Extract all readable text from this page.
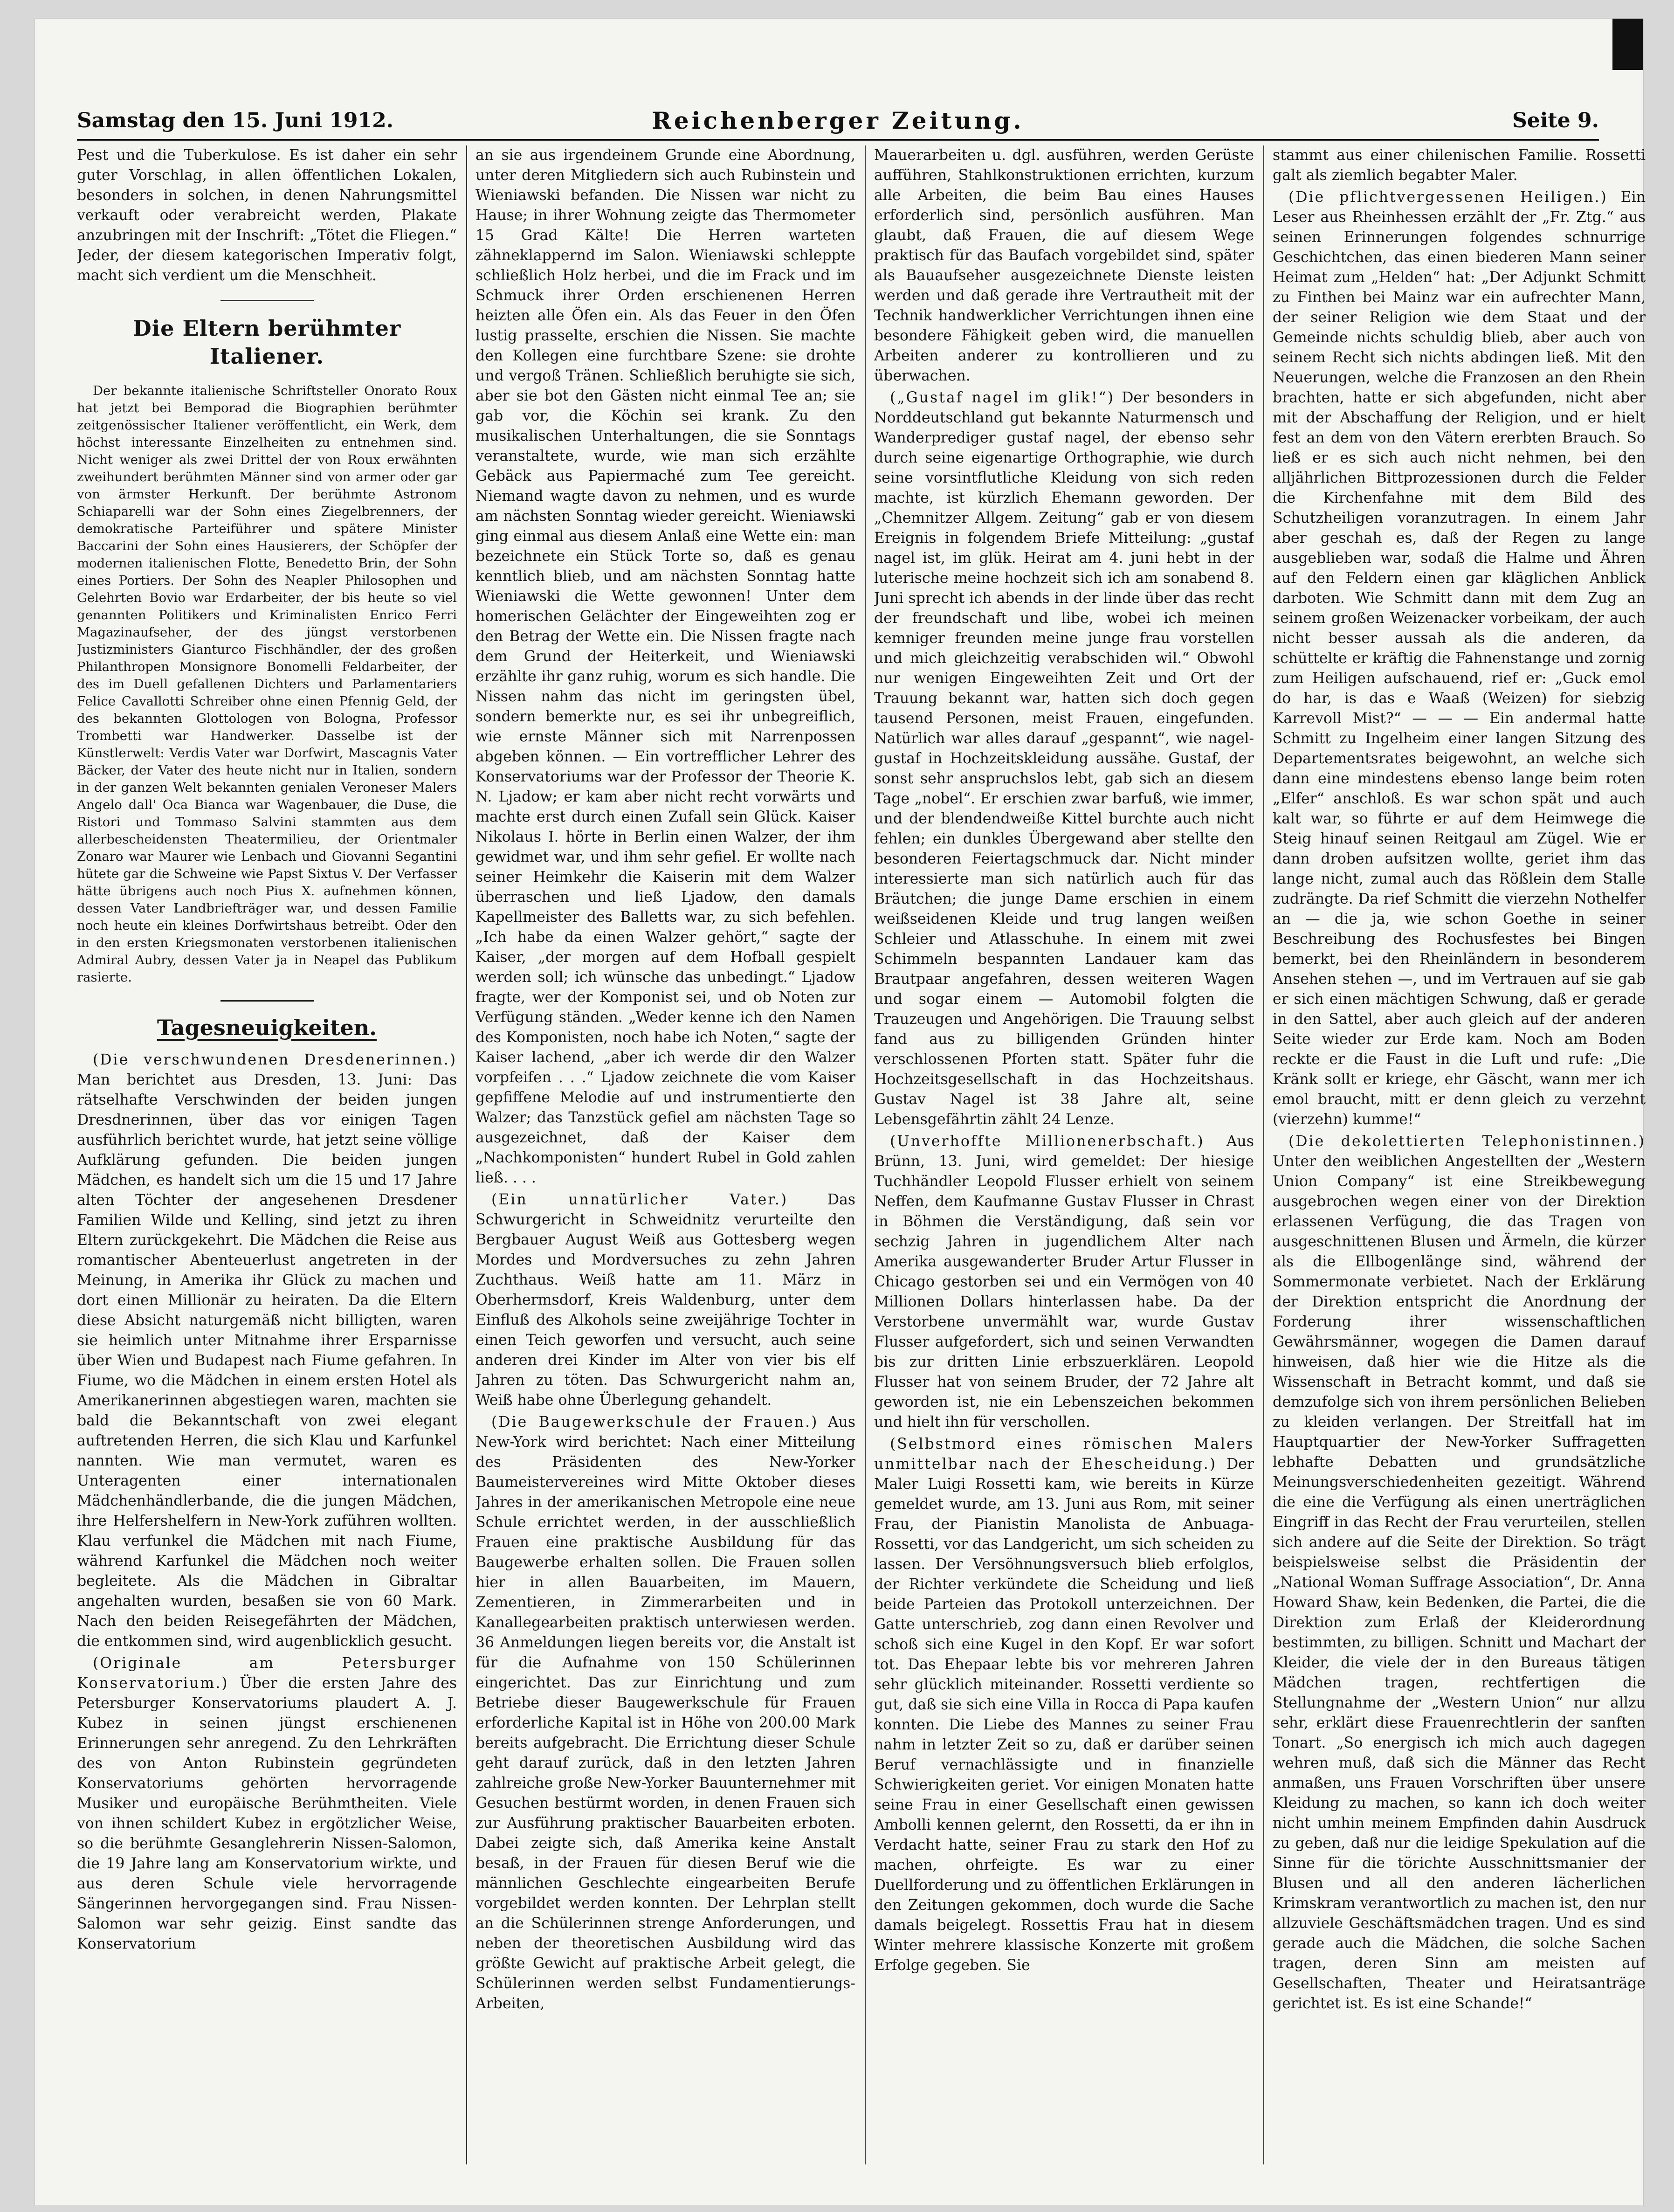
Samstag den 15. Juni 1912.	Reichenberger Zeitung.	Seite 9.

Pest und die Tuberkulose. Es ist daher ein sehr guter Vorschlag, in allen öffentlichen Lokalen, besonders in solchen, in denen Nahrungsmittel verkauft oder verabreicht werden, Plakate anzubringen mit der Inschrift: „Tötet die Fliegen.“ Jeder, der diesem kategorischen Imperativ folgt, macht sich verdient um die Menschheit.

Die Eltern berühmter Italiener.

Der bekannte italienische Schriftsteller Onorato Roux hat jetzt bei Bemporad die Biographien berühmter zeitgenössischer Italiener veröffentlicht, ein Werk, dem höchst interessante Einzelheiten zu entnehmen sind. Nicht weniger als zwei Drittel der von Roux erwähnten zweihundert berühmten Männer sind von armer oder gar von ärmster Herkunft. Der berühmte Astronom Schiaparelli war der Sohn eines Ziegelbrenners, der demokratische Parteiführer und spätere Minister Baccarini der Sohn eines Hausierers, der Schöpfer der modernen italienischen Flotte, Benedetto Brin, der Sohn eines Portiers. Der Sohn des Neapler Philosophen und Gelehrten Bovio war Erdarbeiter, der bis heute so viel genannten Politikers und Kriminalisten Enrico Ferri Magazinaufseher, der des jüngst verstorbenen Justizministers Gianturco Fischhändler, der des großen Philanthropen Monsignore Bonomelli Feldarbeiter, der des im Duell gefallenen Dichters und Parlamentariers Felice Cavallotti Schreiber ohne einen Pfennig Geld, der des bekannten Glottologen von Bologna, Professor Trombetti war Handwerker. Dasselbe ist der Künstlerwelt: Verdis Vater war Dorfwirt, Mascagnis Vater Bäcker, der Vater des heute nicht nur in Italien, sondern in der ganzen Welt bekannten genialen Veroneser Malers Angelo dall' Oca Bianca war Wagenbauer, die Duse, die Ristori und Tommaso Salvini stammten aus dem allerbescheidensten Theatermilieu, der Orientmaler Zonaro war Maurer wie Lenbach und Giovanni Segantini hütete gar die Schweine wie Papst Sixtus V. Der Verfasser hätte übrigens auch noch Pius X. aufnehmen können, dessen Vater Landbriefträger war, und dessen Familie noch heute ein kleines Dorfwirtshaus betreibt. Oder den in den ersten Kriegsmonaten verstorbenen italienischen Admiral Aubry, dessen Vater ja in Neapel das Publikum rasierte.

Tagesneuigkeiten.

(Die verschwundenen Dresdenerinnen.) Man berichtet aus Dresden, 13. Juni: Das rätselhafte Verschwinden der beiden jungen Dresdnerinnen, über das vor einigen Tagen ausführlich berichtet wurde, hat jetzt seine völlige Aufklärung gefunden. Die beiden jungen Mädchen, es handelt sich um die 15 und 17 Jahre alten Töchter der angesehenen Dresdener Familien Wilde und Kelling, sind jetzt zu ihren Eltern zurückgekehrt. Die Mädchen die Reise aus romantischer Abenteuerlust angetreten in der Meinung, in Amerika ihr Glück zu machen und dort einen Millionär zu heiraten. Da die Eltern diese Absicht naturgemäß nicht billigten, waren sie heimlich unter Mitnahme ihrer Ersparnisse über Wien und Budapest nach Fiume gefahren. In Fiume, wo die Mädchen in einem ersten Hotel als Amerikanerinnen abgestiegen waren, machten sie bald die Bekanntschaft von zwei elegant auftretenden Herren, die sich Klau und Karfunkel nannten. Wie man vermutet, waren es Unteragenten einer internationalen Mädchenhändlerbande, die die jungen Mädchen, ihre Helfershelfern in New-York zuführen wollten. Klau verfunkel die Mädchen mit nach Fiume, während Karfunkel die Mädchen noch weiter begleitete. Als die Mädchen in Gibraltar angehalten wurden, besaßen sie von 60 Mark. Nach den beiden Reisegefährten der Mädchen, die entkommen sind, wird augenblicklich gesucht.

(Originale am Petersburger Konservatorium.) Über die ersten Jahre des Petersburger Konservatoriums plaudert A. J. Kubez in seinen jüngst erschienenen Erinnerungen sehr anregend. Zu den Lehrkräften des von Anton Rubinstein gegründeten Konservatoriums gehörten hervorragende Musiker und europäische Berühmtheiten. Viele von ihnen schildert Kubez in ergötzlicher Weise, so die berühmte Gesanglehrerin Nissen-Salomon, die 19 Jahre lang am Konservatorium wirkte, und aus deren Schule viele hervorragende Sängerinnen hervorgegangen sind. Frau Nissen-Salomon war sehr geizig. Einst sandte das Konservatorium

an sie aus irgendeinem Grunde eine Abordnung, unter deren Mitgliedern sich auch Rubinstein und Wieniawski befanden. Die Nissen war nicht zu Hause; in ihrer Wohnung zeigte das Thermometer 15 Grad Kälte! Die Herren warteten zähneklappernd im Salon. Wieniawski schleppte schließlich Holz herbei, und die im Frack und im Schmuck ihrer Orden erschienenen Herren heizten alle Öfen ein. Als das Feuer in den Öfen lustig prasselte, erschien die Nissen. Sie machte den Kollegen eine furchtbare Szene: sie drohte und vergoß Tränen. Schließlich beruhigte sie sich, aber sie bot den Gästen nicht einmal Tee an; sie gab vor, die Köchin sei krank. Zu den musikalischen Unterhaltungen, die sie Sonntags veranstaltete, wurde, wie man sich erzählte Gebäck aus Papiermaché zum Tee gereicht. Niemand wagte davon zu nehmen, und es wurde am nächsten Sonntag wieder gereicht. Wieniawski ging einmal aus diesem Anlaß eine Wette ein: man bezeichnete ein Stück Torte so, daß es genau kenntlich blieb, und am nächsten Sonntag hatte Wieniawski die Wette gewonnen! Unter dem homerischen Gelächter der Eingeweihten zog er den Betrag der Wette ein. Die Nissen fragte nach dem Grund der Heiterkeit, und Wieniawski erzählte ihr ganz ruhig, worum es sich handle. Die Nissen nahm das nicht im geringsten übel, sondern bemerkte nur, es sei ihr unbegreiflich, wie ernste Männer sich mit Narrenpossen abgeben können. — Ein vortrefflicher Lehrer des Konservatoriums war der Professor der Theorie K. N. Ljadow; er kam aber nicht recht vorwärts und machte erst durch einen Zufall sein Glück. Kaiser Nikolaus I. hörte in Berlin einen Walzer, der ihm gewidmet war, und ihm sehr gefiel. Er wollte nach seiner Heimkehr die Kaiserin mit dem Walzer überraschen und ließ Ljadow, den damals Kapellmeister des Balletts war, zu sich befehlen. „Ich habe da einen Walzer gehört,“ sagte der Kaiser, „der morgen auf dem Hofball gespielt werden soll; ich wünsche das unbedingt.“ Ljadow fragte, wer der Komponist sei, und ob Noten zur Verfügung ständen. „Weder kenne ich den Namen des Komponisten, noch habe ich Noten,“ sagte der Kaiser lachend, „aber ich werde dir den Walzer vorpfeifen . . .“ Ljadow zeichnete die vom Kaiser gepfiffene Melodie auf und instrumentierte den Walzer; das Tanzstück gefiel am nächsten Tage so ausgezeichnet, daß der Kaiser dem „Nachkomponisten“ hundert Rubel in Gold zahlen ließ. . . .

(Ein unnatürlicher Vater.)	Das Schwurgericht in Schweidnitz verurteilte den Bergbauer August Weiß aus Gottesberg wegen Mordes und Mordversuches zu zehn Jahren Zuchthaus. Weiß hatte am 11. März in Oberhermsdorf, Kreis Waldenburg, unter dem Einfluß des Alkohols seine zweijährige Tochter in einen Teich geworfen und versucht, auch seine anderen drei Kinder im Alter von vier bis elf Jahren zu töten. Das Schwurgericht nahm an, Weiß habe ohne Überlegung gehandelt.

(Die Baugewerkschule der Frauen.) Aus New-York wird berichtet: Nach einer Mitteilung des Präsidenten des New-Yorker Baumeistervereines wird Mitte Oktober dieses Jahres in der amerikanischen Metropole eine neue Schule errichtet werden, in der ausschließlich Frauen eine praktische Ausbildung für das Baugewerbe erhalten sollen. Die Frauen sollen hier in allen Bauarbeiten, im Mauern, Zementieren, in Zimmerarbeiten und in Kanallegearbeiten praktisch unterwiesen werden. 36 Anmeldungen liegen bereits vor, die Anstalt ist für die Aufnahme von 150 Schülerinnen eingerichtet. Das zur Einrichtung und zum Betriebe dieser Baugewerkschule für Frauen erforderliche Kapital ist in Höhe von 200.00 Mark bereits aufgebracht. Die Errichtung dieser Schule geht darauf zurück, daß in den letzten Jahren zahlreiche große New-Yorker Bauunternehmer mit Gesuchen bestürmt worden, in denen Frauen sich zur Ausführung praktischer Bauarbeiten erboten. Dabei zeigte sich, daß Amerika keine Anstalt besaß, in der Frauen für diesen Beruf wie die männlichen Geschlechte eingearbeiten Berufe vorgebildet werden konnten. Der Lehrplan stellt an die Schülerinnen strenge Anforderungen, und neben der theoretischen Ausbildung wird das größte Gewicht auf praktische Arbeit gelegt, die Schülerinnen werden selbst Fundamentierungs- Arbeiten,

Mauerarbeiten u. dgl. ausführen, werden Gerüste aufführen, Stahlkonstruktionen errichten, kurzum alle Arbeiten, die beim Bau eines Hauses erforderlich sind, persönlich ausführen. Man glaubt, daß Frauen, die auf diesem Wege praktisch für das Baufach vorgebildet sind, später als Bauaufseher ausgezeichnete Dienste leisten werden und daß gerade ihre Vertrautheit mit der Technik handwerklicher Verrichtungen ihnen eine besondere Fähigkeit geben wird, die manuellen Arbeiten anderer zu kontrollieren und zu überwachen.

(„Gustaf nagel im glik!“) Der besonders in Norddeutschland gut bekannte Naturmensch und Wanderprediger gustaf nagel, der ebenso sehr durch seine eigenartige Orthographie, wie durch seine vorsintflutliche Kleidung von sich reden machte, ist kürzlich Ehemann geworden. Der „Chemnitzer Allgem. Zeitung“ gab er von diesem Ereignis in folgendem Briefe Mitteilung: „gustaf nagel ist, im glük. Heirat am 4. juni hebt in der luterische meine hochzeit sich ich am sonabend 8. Juni sprecht ich abends in der linde über das recht der freundschaft und libe, wobei ich meinen kemniger freunden meine junge frau vorstellen und mich gleichzeitig verabschiden wil.“ Obwohl nur wenigen Eingeweihten Zeit und Ort der Trauung bekannt war, hatten sich doch gegen tausend Personen, meist Frauen, eingefunden. Natürlich war alles darauf „gespannt“, wie nagel-gustaf in Hochzeitskleidung aussähe. Gustaf, der sonst sehr anspruchslos lebt, gab sich an diesem Tage „nobel“. Er erschien zwar barfuß, wie immer, und der blendendweiße Kittel burchte auch nicht fehlen; ein dunkles Übergewand aber stellte den besonderen Feiertagschmuck dar. Nicht minder interessierte man sich natürlich auch für das Bräutchen; die junge Dame erschien in einem weißseidenen Kleide und trug langen weißen Schleier und Atlasschuhe. In einem mit zwei Schimmeln bespannten Landauer kam das Brautpaar angefahren, dessen weiteren Wagen und sogar einem — Automobil folgten die Trauzeugen und Angehörigen. Die Trauung selbst fand aus zu billigenden Gründen hinter verschlossenen Pforten statt. Später fuhr die Hochzeitsgesellschaft in das Hochzeitshaus. Gustav Nagel ist 38 Jahre alt, seine Lebensgefährtin zählt 24 Lenze.

(Unverhoffte Millionenerbschaft.) Aus Brünn, 13. Juni, wird gemeldet: Der hiesige Tuchhändler Leopold Flusser erhielt von seinem Neffen, dem Kaufmanne Gustav Flusser in Chrast in Böhmen die Verständigung, daß sein vor sechzig Jahren in jugendlichem Alter nach Amerika ausgewanderter Bruder Artur Flusser in Chicago gestorben sei und ein Vermögen von 40 Millionen Dollars hinterlassen habe. Da der Verstorbene unvermählt war, wurde Gustav Flusser aufgefordert, sich und seinen Verwandten bis zur dritten Linie erbszuerklären. Leopold Flusser hat von seinem Bruder, der 72 Jahre alt geworden ist, nie ein Lebenszeichen bekommen und hielt ihn für verschollen.

(Selbstmord eines römischen Malers unmittelbar nach der Ehescheidung.) Der Maler Luigi Rossetti kam, wie bereits in Kürze gemeldet wurde, am 13. Juni aus Rom, mit seiner Frau, der Pianistin Manolista de Anbuaga-Rossetti, vor das Landgericht, um sich scheiden zu lassen. Der Versöhnungsversuch blieb erfolglos, der Richter verkündete die Scheidung und ließ beide Parteien das Protokoll unterzeichnen. Der Gatte unterschrieb, zog dann einen Revolver und schoß sich eine Kugel in den Kopf. Er war sofort tot. Das Ehepaar lebte bis vor mehreren Jahren sehr glücklich miteinander. Rossetti verdiente so gut, daß sie sich eine Villa in Rocca di Papa kaufen konnten. Die Liebe des Mannes zu seiner Frau nahm in letzter Zeit so zu, daß er darüber seinen Beruf vernachlässigte und in finanzielle Schwierigkeiten geriet. Vor einigen Monaten hatte seine Frau in einer Gesellschaft einen gewissen Ambolli kennen gelernt, den Rossetti, da er ihn in Verdacht hatte, seiner Frau zu stark den Hof zu machen, ohrfeigte. Es war zu einer Duellforderung und zu öffentlichen Erklärungen in den Zeitungen gekommen, doch wurde die Sache damals beigelegt. Rossettis Frau hat in diesem Winter mehrere klassische Konzerte mit großem Erfolge gegeben. Sie

stammt aus einer chilenischen Familie. Rossetti galt als ziemlich begabter Maler.

(Die pflichtvergessenen Heiligen.) Ein Leser aus Rheinhessen erzählt der „Fr. Ztg.“ aus seinen Erinnerungen folgendes schnurrige Geschichtchen, das einen biederen Mann seiner Heimat zum „Helden“ hat: „Der Adjunkt Schmitt zu Finthen bei Mainz war ein aufrechter Mann, der seiner Religion wie dem Staat und der Gemeinde nichts schuldig blieb, aber auch von seinem Recht sich nichts abdingen ließ. Mit den Neuerungen, welche die Franzosen an den Rhein brachten, hatte er sich abgefunden, nicht aber mit der Abschaffung der Religion, und er hielt fest an dem von den Vätern ererbten Brauch. So ließ er es sich auch nicht nehmen, bei den alljährlichen Bittprozessionen durch die Felder die Kirchenfahne mit dem Bild des Schutzheiligen voranzutragen. In einem Jahr aber geschah es, daß der Regen zu lange ausgeblieben war, sodaß die Halme und Ähren auf den Feldern einen gar kläglichen Anblick darboten. Wie Schmitt dann mit dem Zug an seinem großen Weizenacker vorbeikam, der auch nicht besser aussah als die anderen, da schüttelte er kräftig die Fahnenstange und zornig zum Heiligen aufschauend, rief er: „Guck emol do har, is das e Waaß (Weizen) for siebzig Karrevoll Mist?“ — — — Ein andermal hatte Schmitt zu Ingelheim einer langen Sitzung des Departementsrates beigewohnt, an welche sich dann eine mindestens ebenso lange beim roten „Elfer“ anschloß. Es war schon spät und auch kalt war, so führte er auf dem Heimwege die Steig hinauf seinen Reitgaul am Zügel. Wie er dann droben aufsitzen wollte, geriet ihm das lange nicht, zumal auch das Rößlein dem Stalle zudrängte. Da rief Schmitt die vierzehn Nothelfer an — die ja, wie schon Goethe in seiner Beschreibung des Rochusfestes bei Bingen bemerkt, bei den Rheinländern in besonderem Ansehen stehen —, und im Vertrauen auf sie gab er sich einen mächtigen Schwung, daß er gerade in den Sattel, aber auch gleich auf der anderen Seite wieder zur Erde kam. Noch am Boden reckte er die Faust in die Luft und rufe: „Die Kränk sollt er kriege, ehr Gäscht, wann mer ich emol braucht, mitt er denn gleich zu verzehnt (vierzehn) kumme!“

(Die dekolettierten Telephonistinnen.) Unter den weiblichen Angestellten der „Western Union Company“ ist eine Streikbewegung ausgebrochen wegen einer von der Direktion erlassenen Verfügung, die das Tragen von ausgeschnittenen Blusen und Ärmeln, die kürzer als die Ellbogenlänge sind, während der Sommermonate verbietet. Nach der Erklärung der Direktion entspricht die Anordnung der Forderung ihrer wissenschaftlichen Gewährsmänner, wogegen die Damen darauf hinweisen, daß hier wie die Hitze als die Wissenschaft in Betracht kommt, und daß sie demzufolge sich von ihrem persönlichen Belieben zu kleiden verlangen. Der Streitfall hat im Hauptquartier der New-Yorker Suffragetten lebhafte Debatten und grundsätzliche Meinungsverschiedenheiten gezeitigt. Während die eine die Verfügung als einen unerträglichen Eingriff in das Recht der Frau verurteilen, stellen sich andere auf die Seite der Direktion. So trägt beispielsweise selbst die Präsidentin der „National Woman Suffrage Association“, Dr. Anna Howard Shaw, kein Bedenken, die Partei, die die Direktion zum Erlaß der Kleiderordnung bestimmten, zu billigen. Schnitt und Machart der Kleider, die viele der in den Bureaus tätigen Mädchen tragen, rechtfertigen die Stellungnahme der „Western Union“ nur allzu sehr, erklärt diese Frauenrechtlerin der sanften Tonart. „So energisch ich mich auch dagegen wehren muß, daß sich die Männer das Recht anmaßen, uns Frauen Vorschriften über unsere Kleidung zu machen, so kann ich doch weiter nicht umhin meinem Empfinden dahin Ausdruck zu geben, daß nur die leidige Spekulation auf die Sinne für die törichte Ausschnittsmanier der Blusen und all den anderen lächerlichen Krimskram verantwortlich zu machen ist, den nur allzuviele Geschäftsmädchen tragen. Und es sind gerade auch die Mädchen, die solche Sachen tragen, deren Sinn am meisten auf Gesellschaften, Theater und Heiratsanträge gerichtet ist. Es ist eine Schande!“
